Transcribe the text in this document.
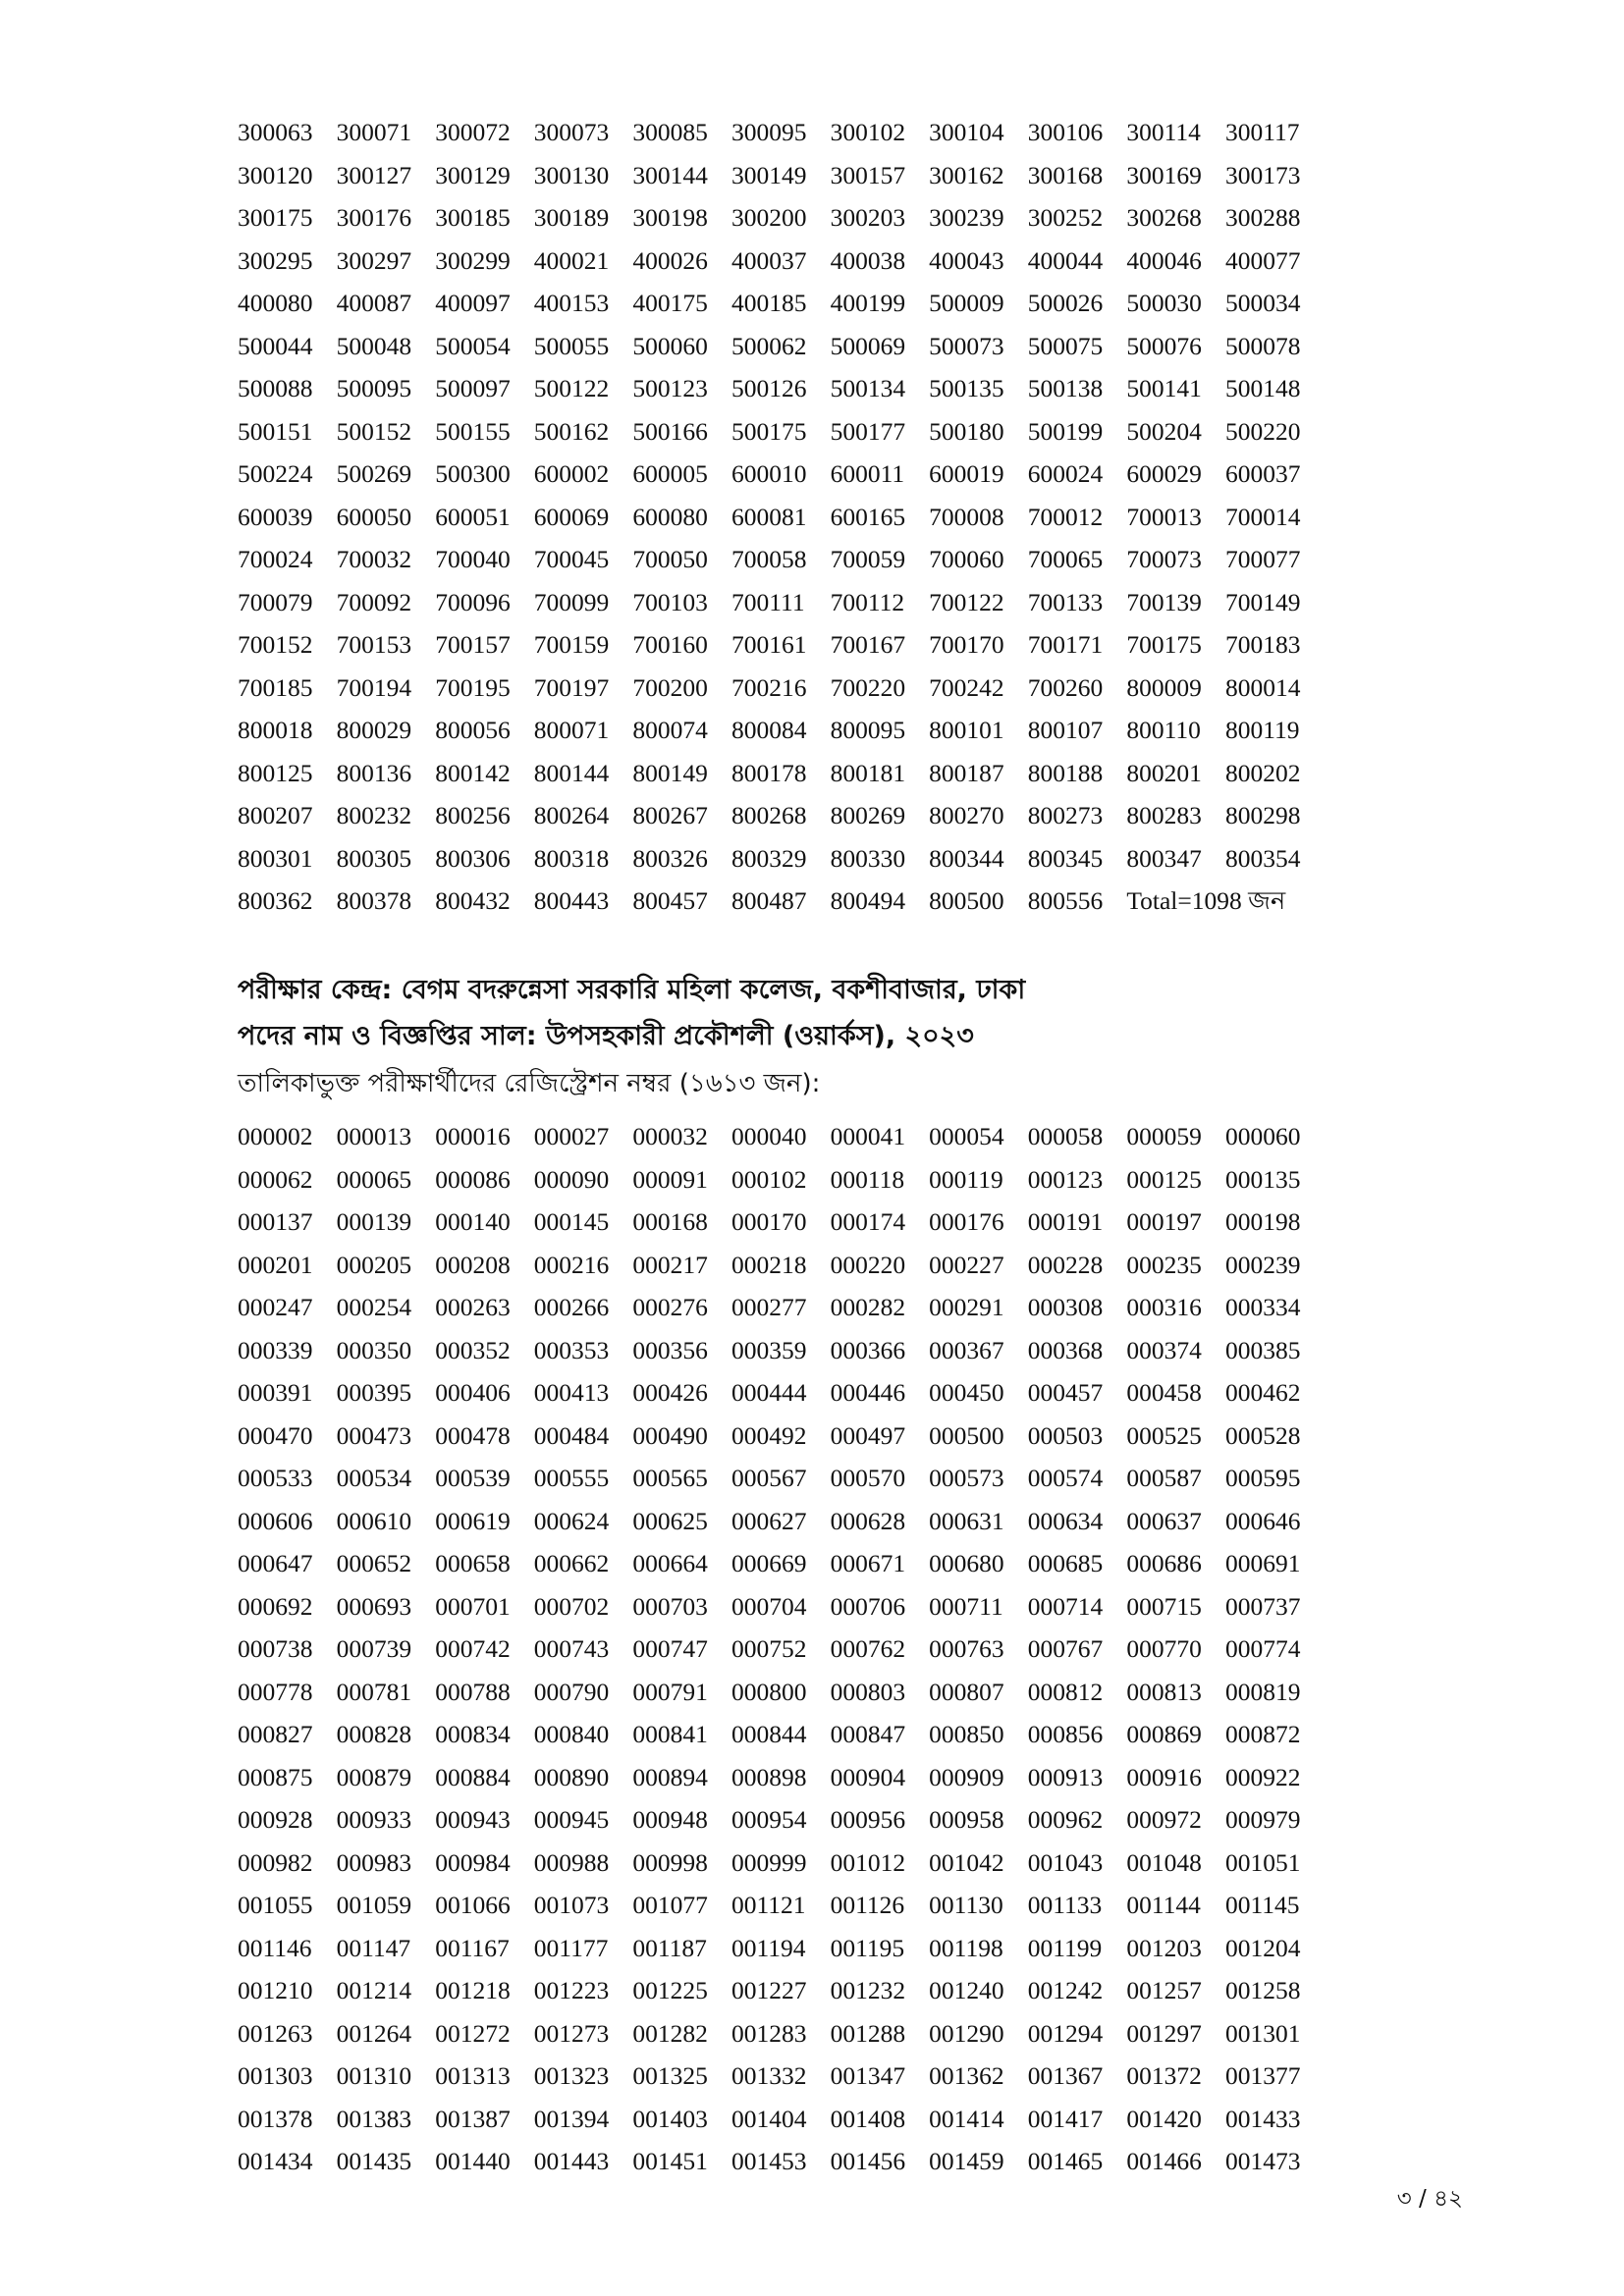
300063 300071 300072 300073 300085 300095 300102 300104 300106 300114 300117
300120 300127 300129 300130 300144 300149 300157 300162 300168 300169 300173
300175 300176 300185 300189 300198 300200 300203 300239 300252 300268 300288
300295 300297 300299 400021 400026 400037 400038 400043 400044 400046 400077
400080 400087 400097 400153 400175 400185 400199 500009 500026 500030 500034
500044 500048 500054 500055 500060 500062 500069 500073 500075 500076 500078
500088 500095 500097 500122 500123 500126 500134 500135 500138 500141 500148
500151 500152 500155 500162 500166 500175 500177 500180 500199 500204 500220
500224 500269 500300 600002 600005 600010 600011 600019 600024 600029 600037
600039 600050 600051 600069 600080 600081 600165 700008 700012 700013 700014
700024 700032 700040 700045 700050 700058 700059 700060 700065 700073 700077
700079 700092 700096 700099 700103 700111	700112 700122 700133 700139 700149
700152 700153 700157 700159 700160 700161 700167 700170 700171 700175 700183
700185 700194 700195 700197 700200 700216 700220 700242 700260 800009 800014
800018 800029 800056 800071 800074 800084 800095 800101 800107 800110 800119
800125 800136 800142 800144 800149 800178 800181 800187 800188 800201 800202
800207 800232 800256 800264 800267 800268 800269 800270 800273 800283 800298
800301 800305 800306 800318 800326 800329 800330 800344 800345 800347 800354
800362 800378 800432 800443 800457 800487 800494 800500 800556 Total=1098 জন
পরীক্ষার কেন্দ্র: বেগম বদরুন্নেসা সরকারি মহিলা কলেজ, বকশীবাজার, ঢাকা
পদের নাম ও বিজ্ঞপ্তির সাল: উপসহকারী প্রকৌশলী (ওয়ার্কস), ২০২৩
তালিকাভুক্ত পরীক্ষার্থীদের রেজিস্ট্রেশন নম্বর (১৬১৩ জন):
000002 000013 000016 000027 000032 000040 000041 000054 000058 000059 000060
000062 000065 000086 000090 000091 000102 000118 000119 000123 000125 000135
000137 000139 000140 000145 000168 000170 000174 000176 000191 000197 000198
000201 000205 000208 000216 000217 000218 000220 000227 000228 000235 000239
000247 000254 000263 000266 000276 000277 000282 000291 000308 000316 000334
000339 000350 000352 000353 000356 000359 000366 000367 000368 000374 000385
000391 000395 000406 000413 000426 000444 000446 000450 000457 000458 000462
000470 000473 000478 000484 000490 000492 000497 000500 000503 000525 000528
000533 000534 000539 000555 000565 000567 000570 000573 000574 000587 000595
000606 000610 000619 000624 000625 000627 000628 000631 000634 000637 000646
000647 000652 000658 000662 000664 000669 000671 000680 000685 000686 000691
000692 000693 000701 000702 000703 000704 000706 000711 000714 000715 000737
000738 000739 000742 000743 000747 000752 000762 000763 000767 000770 000774
000778 000781 000788 000790 000791 000800 000803 000807 000812 000813 000819
000827 000828 000834 000840 000841 000844 000847 000850 000856 000869 000872
000875 000879 000884 000890 000894 000898 000904 000909 000913 000916 000922
000928 000933 000943 000945 000948 000954 000956 000958 000962 000972 000979
000982 000983 000984 000988 000998 000999 001012 001042 001043 001048 001051
001055 001059 001066 001073 001077 001121 001126 001130 001133 001144 001145
001146 001147 001167 001177 001187 001194 001195 001198 001199 001203 001204
001210 001214 001218 001223 001225 001227 001232 001240 001242 001257 001258
001263 001264 001272 001273 001282 001283 001288 001290 001294 001297 001301
001303 001310 001313 001323 001325 001332 001347 001362 001367 001372 001377
001378 001383 001387 001394 001403 001404 001408 001414 001417 001420 001433
001434 001435 001440 001443 001451 001453 001456 001459 001465 001466 001473
৩ / ৪২
